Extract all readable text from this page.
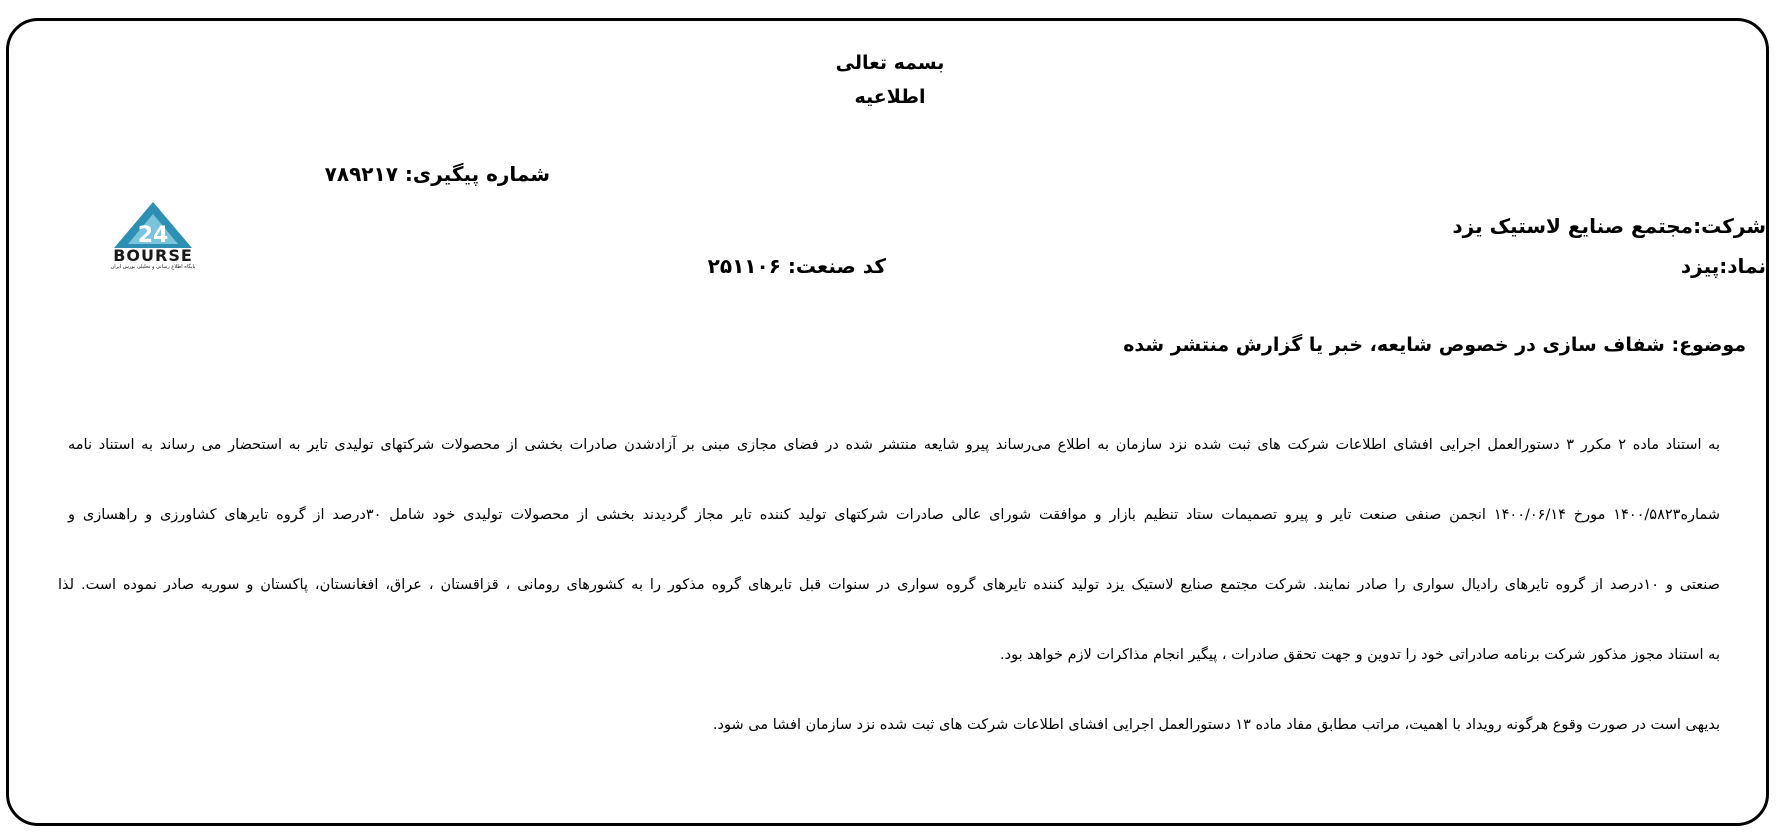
بسمه تعالی
اطلاعیه
شماره پیگیری: ۷۸۹۲۱۷
24
BOURSE
پایگاه اطلاع رسانی و تحلیلی بورس ایران
شرکت:مجتمع صنایع لاستیک یزد
نماد:پیزد
کد صنعت: ۲۵۱۱۰۶
موضوع: شفاف سازی در خصوص شایعه، خبر یا گزارش منتشر شده
به استناد ماده ۲ مکرر ۳ دستورالعمل اجرایی افشای اطلاعات شرکت های ثبت شده نزد سازمان به اطلاع می‌رساند پیرو شایعه منتشر شده در فضای مجازی مبنی بر آزادشدن صادرات بخشی از محصولات شرکتهای تولیدی تایر به استحضار می رساند به استناد نامه
شماره۱۴۰۰/۵۸۲۳ مورخ ۱۴۰۰/۰۶/۱۴ انجمن صنفی صنعت تایر و پیرو تصمیمات ستاد تنظیم بازار و موافقت شورای عالی صادرات شرکتهای تولید کننده تایر مجاز گردیدند بخشی از محصولات تولیدی خود شامل ۳۰درصد از گروه تایرهای کشاورزی و راهسازی و
صنعتی و ۱۰درصد از گروه تایرهای رادیال سواری را صادر نمایند. شرکت مجتمع صنایع لاستیک یزد تولید کننده تایرهای گروه سواری در سنوات قبل تایرهای گروه مذکور را به کشورهای رومانی ، قزاقستان ، عراق، افغانستان، پاکستان و سوریه صادر نموده است. لذا
به استناد مجوز مذکور شرکت برنامه صادراتی خود را تدوین و جهت تحقق صادرات ، پیگیر انجام مذاکرات لازم خواهد بود.
بدیهی است در صورت وقوع هرگونه رویداد با اهمیت، مراتب مطابق مفاد ماده ۱۳ دستورالعمل اجرایی افشای اطلاعات شرکت های ثبت شده نزد سازمان افشا می شود.
